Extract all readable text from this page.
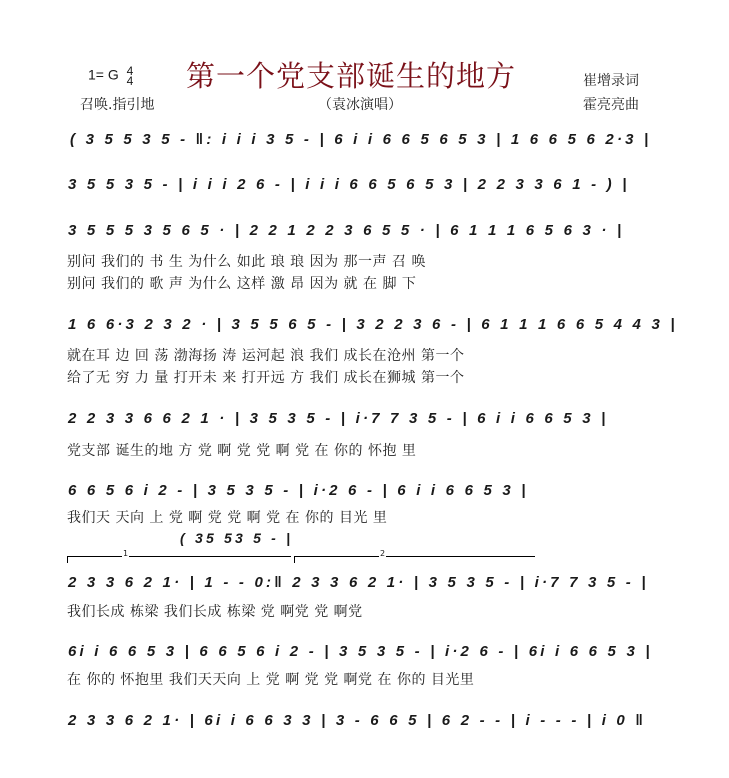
1= G 4
4 第一个党支部诞生的地方
召唤.指引地	（袁冰演唱）
崔增录词
霍亮亮曲
( 3 5 5 3 5 - ‖: i i i 3 5 - | 6 i i 6 6 5 6 5 3 | 1 6 6 5 6 2·3 |
3 5 5 3 5 - | i i i 2 6 - | i i i 6 6 5 6 5 3 | 2 2 3 3 6 1 - ) |
3 5 5 5 3 5 6 5 · | 2 2 1 2 2 3 6 5 5 · | 6 1 1 1 6 5 6 3 · |
别问 我们的 书 生 为什么 如此 琅 琅 因为 那一声 召 唤
别问 我们的 歌 声 为什么 这样 激 昂 因为 就 在 脚 下
1 6 6·3 2 3 2 · | 3 5 5 6 5 - | 3 2 2 3 6 - | 6 1 1 1 6 6 5 4 4 3 |
就在耳 边 回 荡 渤海扬 涛 运河起 浪 我们 成长在沧州 第一个
给了无 穷 力 量 打开未 来 打开远 方 我们 成长在狮城 第一个
2 2 3 3 6 6 2 1 · | 3 5 3 5 - | i·7 7 3 5 - | 6 i i 6 6 5 3 |
党支部 诞生的地 方 党 啊 党 党 啊 党 在 你的 怀抱 里
6 6 5 6 i 2 - | 3 5 3 5 - | i·2 6 - | 6 i i 6 6 5 3 |
我们天 天向 上 党 啊 党 党 啊 党 在 你的 目光 里
( 35 53 5 - |
1	2
2 3 3 6 2 1· | 1 - - 0:‖ 2 3 3 6 2 1· | 3 5 3 5 - | i·7 7 3 5 - |
我们长成 栋梁 我们长成 栋梁 党 啊党 党 啊党
6i i 6 6 5 3 | 6 6 5 6 i 2 - | 3 5 3 5 - | i·2 6 - | 6i i 6 6 5 3 |
在 你的 怀抱里 我们天天向 上 党 啊 党 党 啊党 在 你的 目光里
2 3 3 6 2 1· | 6i i 6 6 3 3 | 3 - 6 6 5 | 6 2 - - | i - - - | i 0 ‖
